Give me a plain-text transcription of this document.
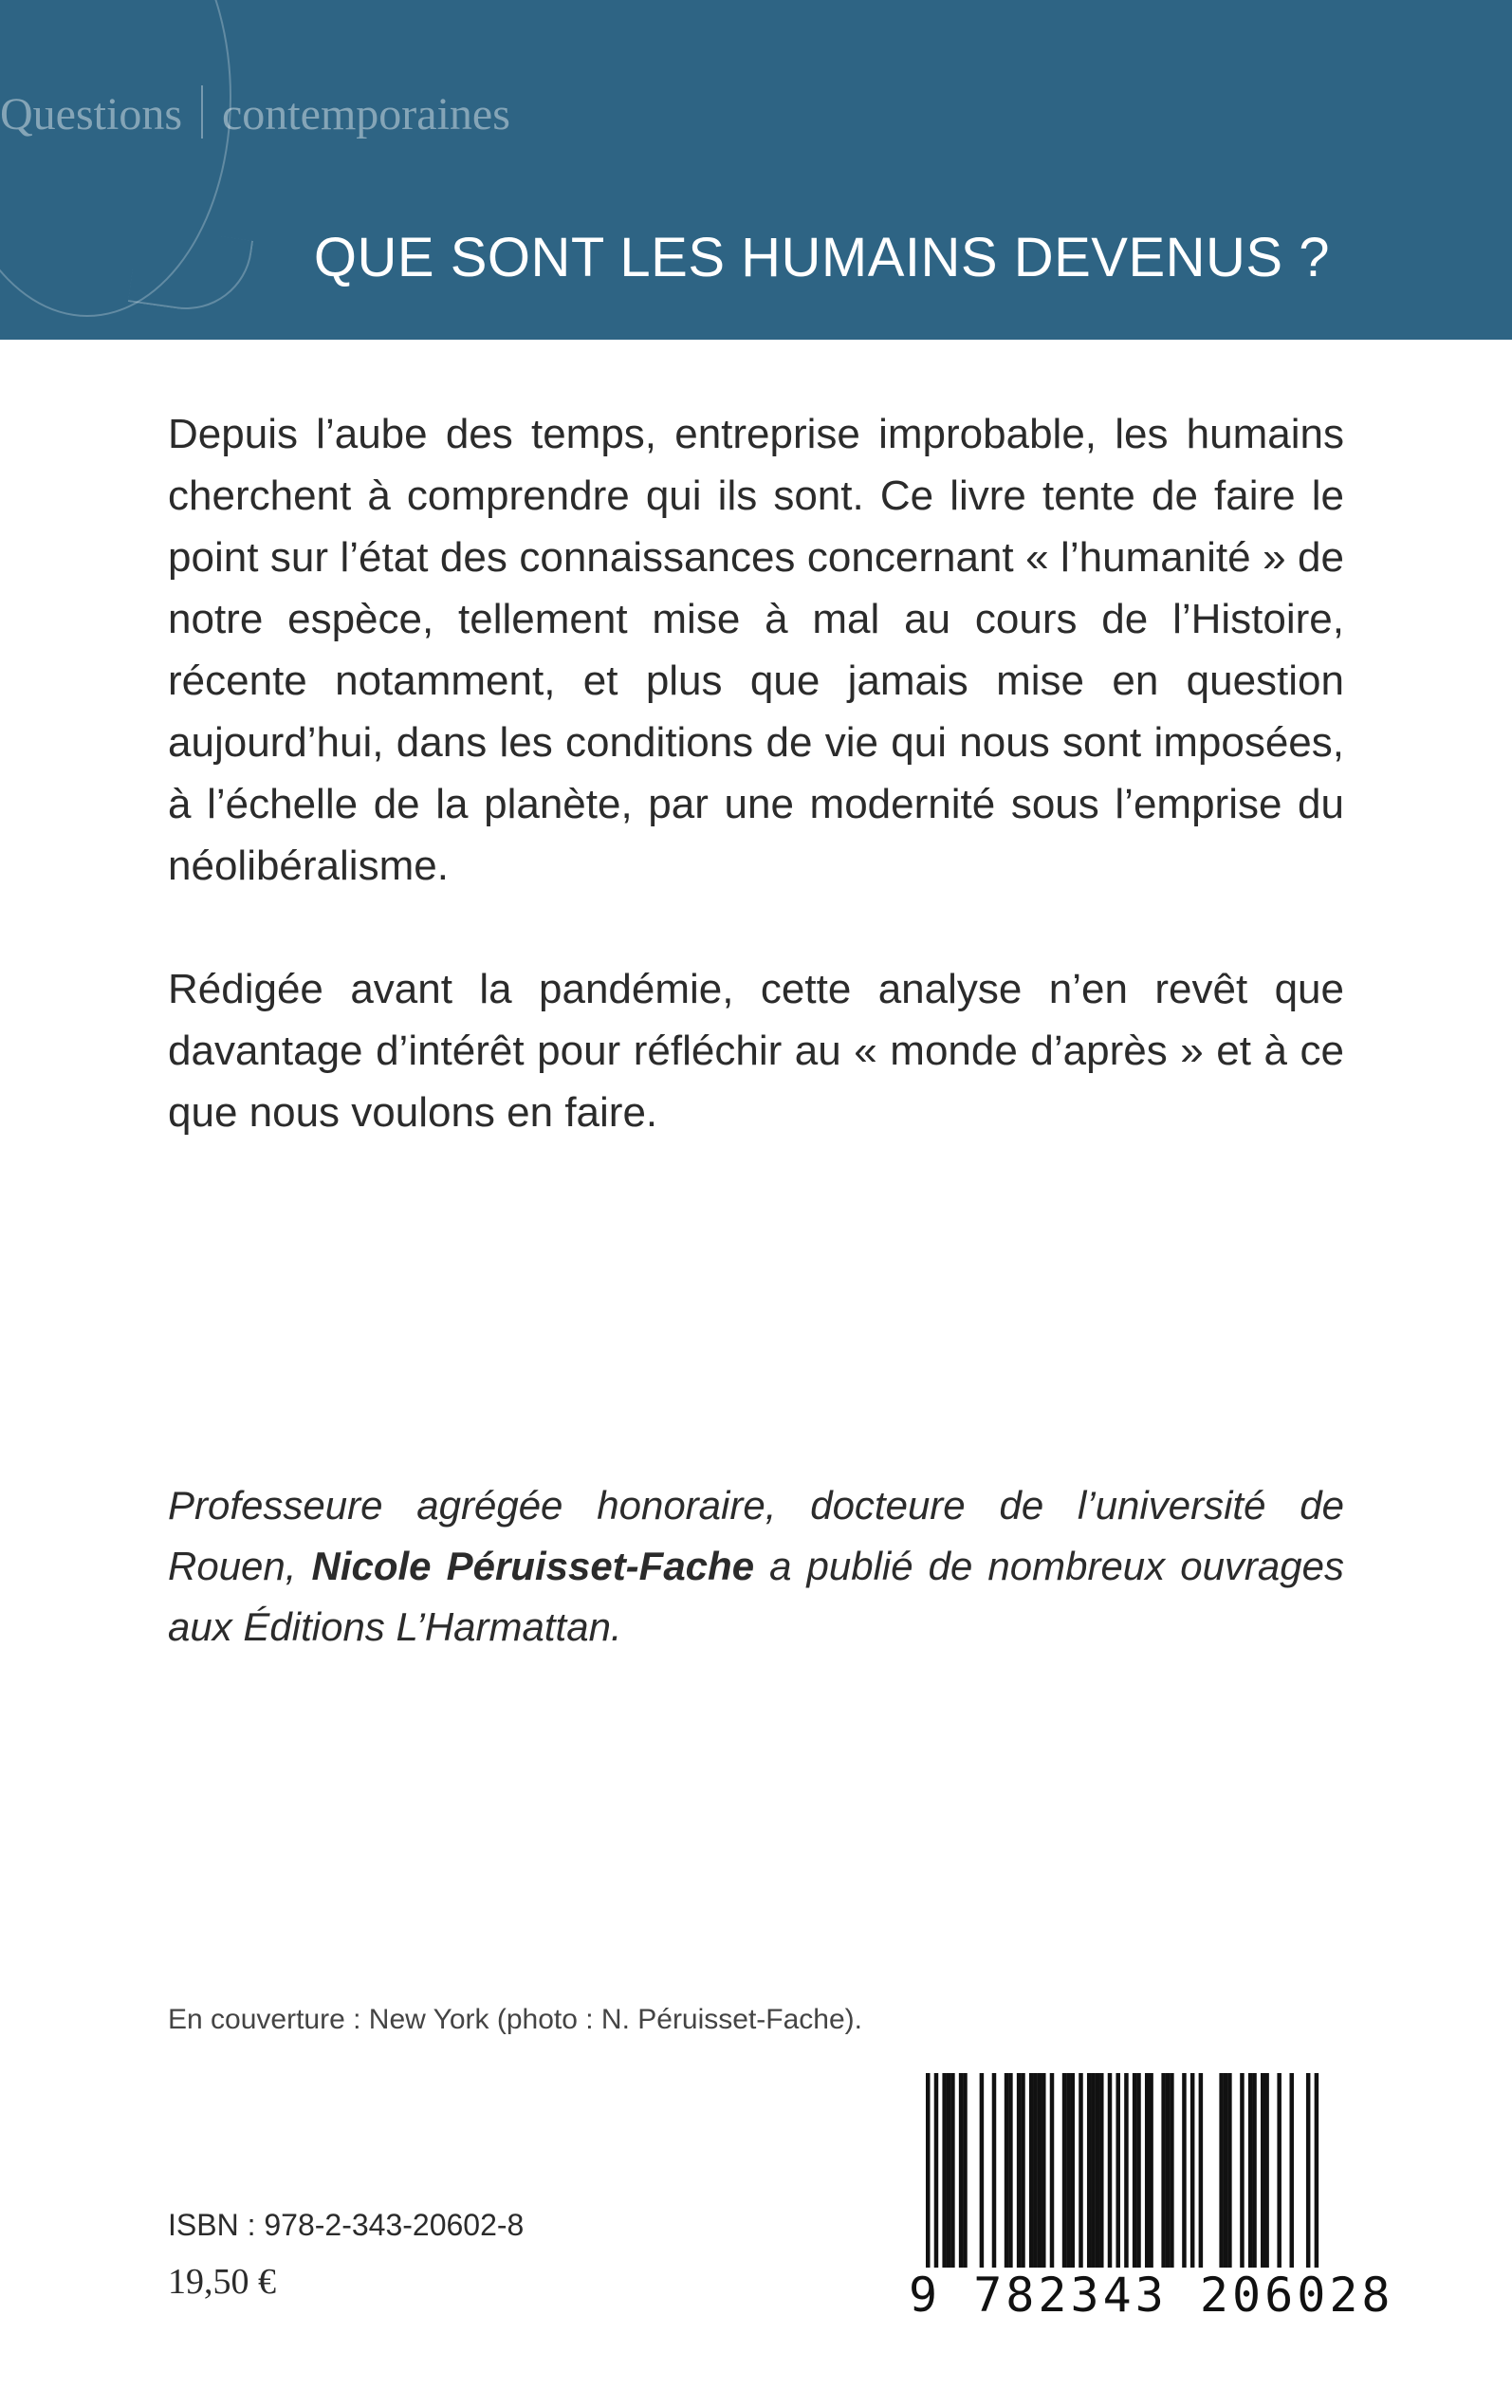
Questions contemporaines
QUE SONT LES HUMAINS DEVENUS ?

Depuis l’aube des temps, entreprise improbable, les humains cherchent à comprendre qui ils sont. Ce livre tente de faire le point sur l’état des connaissances concernant « l’humanité » de notre espèce, tellement mise à mal au cours de l’Histoire, récente notamment, et plus que jamais mise en question aujourd’hui, dans les conditions de vie qui nous sont imposées, à l’échelle de la planète, par une modernité sous l’emprise du néolibéralisme.

Rédigée avant la pandémie, cette analyse n’en revêt que davantage d’intérêt pour réfléchir au « monde d’après » et à ce que nous voulons en faire.

Professeure agrégée honoraire, docteure de l’université de Rouen, Nicole Péruisset-Fache a publié de nombreux ouvrages aux Éditions L’Harmattan.

En couverture : New York (photo : N. Péruisset-Fache).
ISBN : 978-2-343-20602-8
19,50 €	9 782343 206028
